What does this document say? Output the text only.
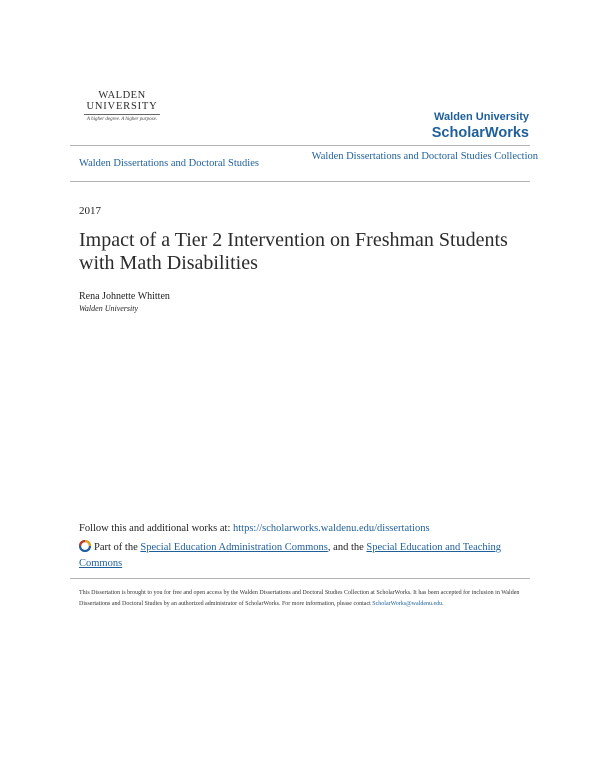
WALDEN
UNIVERSITY
A higher degree. A higher purpose.	Walden University
ScholarWorks
Walden Dissertations and Doctoral Studies
Walden Dissertations and Doctoral Studies Collection
2017
Impact of a Tier 2 Intervention on Freshman Students with Math Disabilities
Rena Johnette Whitten
Walden University
Follow this and additional works at: https://scholarworks.waldenu.edu/dissertations
Part of the Special Education Administration Commons, and the Special Education and Teaching Commons
This Dissertation is brought to you for free and open access by the Walden Dissertations and Doctoral Studies Collection at ScholarWorks. It has been accepted for inclusion in Walden Dissertations and Doctoral Studies by an authorized administrator of ScholarWorks. For more information, please contact ScholarWorks@waldenu.edu.
